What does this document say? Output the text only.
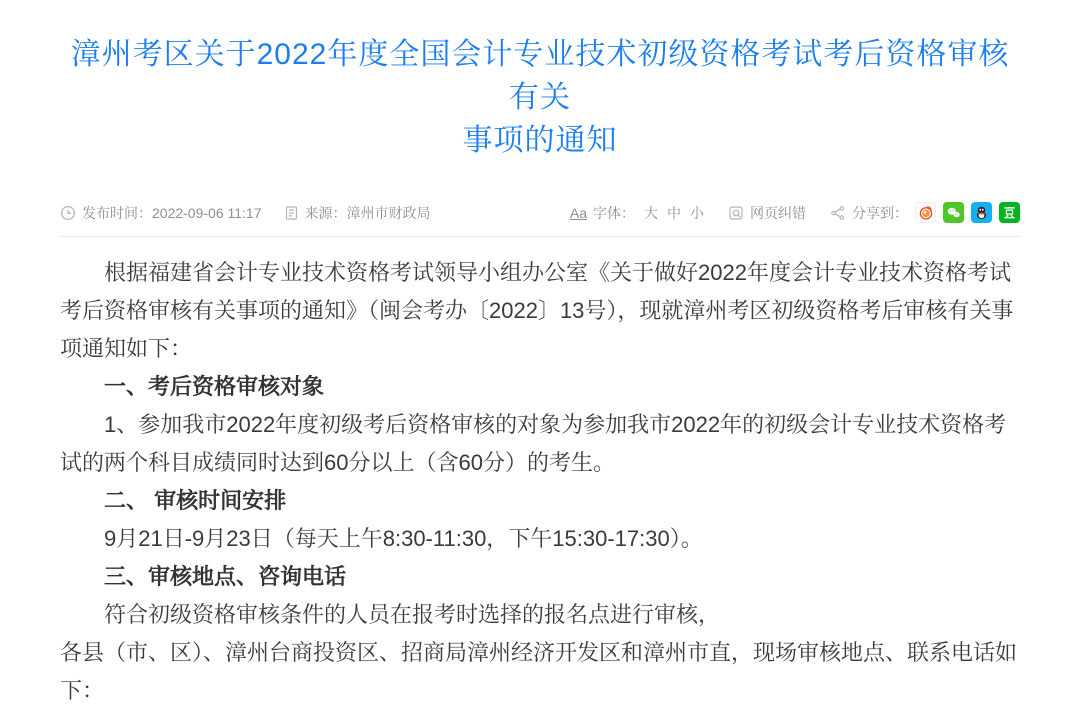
漳州考区关于2022年度全国会计专业技术初级资格考试考后资格审核有关
事项的通知
发布时间： 2022-09-06 11:17	来源： 漳州市财政局	Aa 字体： 大 中 小	网页纠错	分享到：

根据福建省会计专业技术资格考试领导小组办公室《关于做好2022年度会计专业技术资格考试考后资格审核有关事项的通知》（闽会考办〔2022〕13号），现就漳州考区初级资格考后审核有关事项通知如下：

一、考后资格审核对象

1、参加我市2022年度初级考后资格审核的对象为参加我市2022年的初级会计专业技术资格考试的两个科目成绩同时达到60分以上（含60分）的考生。

二、 审核时间安排

9月21日-9月23日（每天上午8:30-11:30，下午15:30-17:30）。

三、审核地点、咨询电话

符合初级资格审核条件的人员在报考时选择的报名点进行审核，

各县（市、区）、漳州台商投资区、招商局漳州经济开发区和漳州市直，现场审核地点、联系电话如下：
